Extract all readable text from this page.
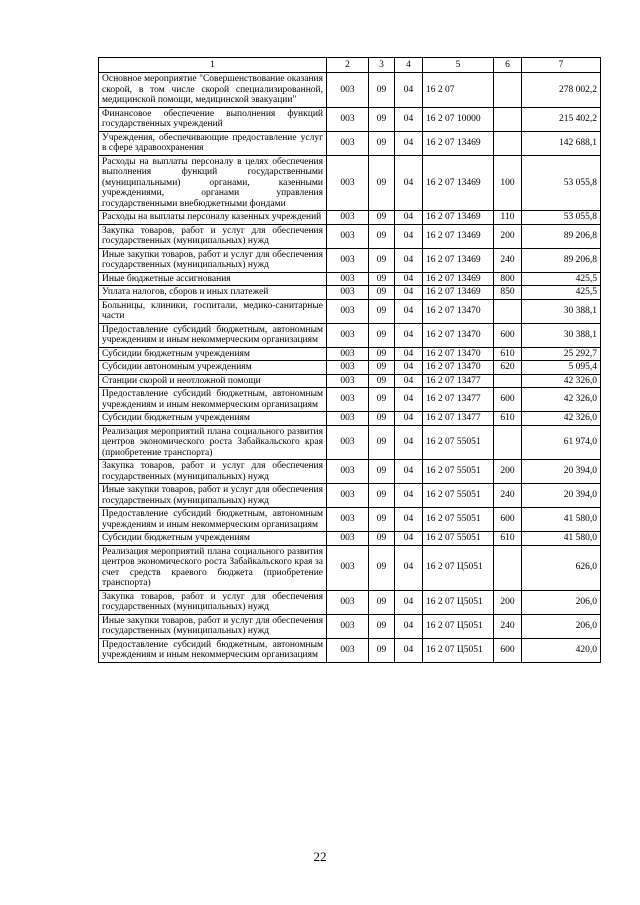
1	2	3	4	5	6	7
Основное мероприятие "Совершенствование оказания скорой, в том числе скорой специализированной, медицинской помощи, медицинской эвакуации"	003	09	04	16 2 07		278 002,2
Финансовое обеспечение выполнения функций государственных учреждений	003	09	04	16 2 07 10000		215 402,2
Учреждения, обеспечивающие предоставление услуг в сфере здравоохранения	003	09	04	16 2 07 13469		142 688,1
Расходы на выплаты персоналу в целях обеспечения выполнения функций государственными (муниципальными) органами, казенными учреждениями, органами управления государственными внебюджетными фондами	003	09	04	16 2 07 13469	100	53 055,8
Расходы на выплаты персоналу казенных учреждений	003	09	04	16 2 07 13469	110	53 055,8
Закупка товаров, работ и услуг для обеспечения государственных (муниципальных) нужд	003	09	04	16 2 07 13469	200	89 206,8
Иные закупки товаров, работ и услуг для обеспечения государственных (муниципальных) нужд	003	09	04	16 2 07 13469	240	89 206,8
Иные бюджетные ассигнования	003	09	04	16 2 07 13469	800	425,5
Уплата налогов, сборов и иных платежей	003	09	04	16 2 07 13469	850	425,5
Больницы, клиники, госпитали, медико-санитарные части	003	09	04	16 2 07 13470		30 388,1
Предоставление субсидий бюджетным, автономным учреждениям и иным некоммерческим организациям	003	09	04	16 2 07 13470	600	30 388,1
Субсидии бюджетным учреждениям	003	09	04	16 2 07 13470	610	25 292,7
Субсидии автономным учреждениям	003	09	04	16 2 07 13470	620	5 095,4
Станции скорой и неотложной помощи	003	09	04	16 2 07 13477		42 326,0
Предоставление субсидий бюджетным, автономным учреждениям и иным некоммерческим организациям	003	09	04	16 2 07 13477	600	42 326,0
Субсидии бюджетным учреждениям	003	09	04	16 2 07 13477	610	42 326,0
Реализация мероприятий плана социального развития центров экономического роста Забайкальского края (приобретение транспорта)	003	09	04	16 2 07 55051		61 974,0
Закупка товаров, работ и услуг для обеспечения государственных (муниципальных) нужд	003	09	04	16 2 07 55051	200	20 394,0
Иные закупки товаров, работ и услуг для обеспечения государственных (муниципальных) нужд	003	09	04	16 2 07 55051	240	20 394,0
Предоставление субсидий бюджетным, автономным учреждениям и иным некоммерческим организациям	003	09	04	16 2 07 55051	600	41 580,0
Субсидии бюджетным учреждениям	003	09	04	16 2 07 55051	610	41 580,0
Реализация мероприятий плана социального развития центров экономического роста Забайкальского края за счет средств краевого бюджета (приобретение транспорта)	003	09	04	16 2 07 Ц5051		626,0
Закупка товаров, работ и услуг для обеспечения государственных (муниципальных) нужд	003	09	04	16 2 07 Ц5051	200	206,0
Иные закупки товаров, работ и услуг для обеспечения государственных (муниципальных) нужд	003	09	04	16 2 07 Ц5051	240	206,0
Предоставление субсидий бюджетным, автономным учреждениям и иным некоммерческим организациям	003	09	04	16 2 07 Ц5051	600	420,0
22
